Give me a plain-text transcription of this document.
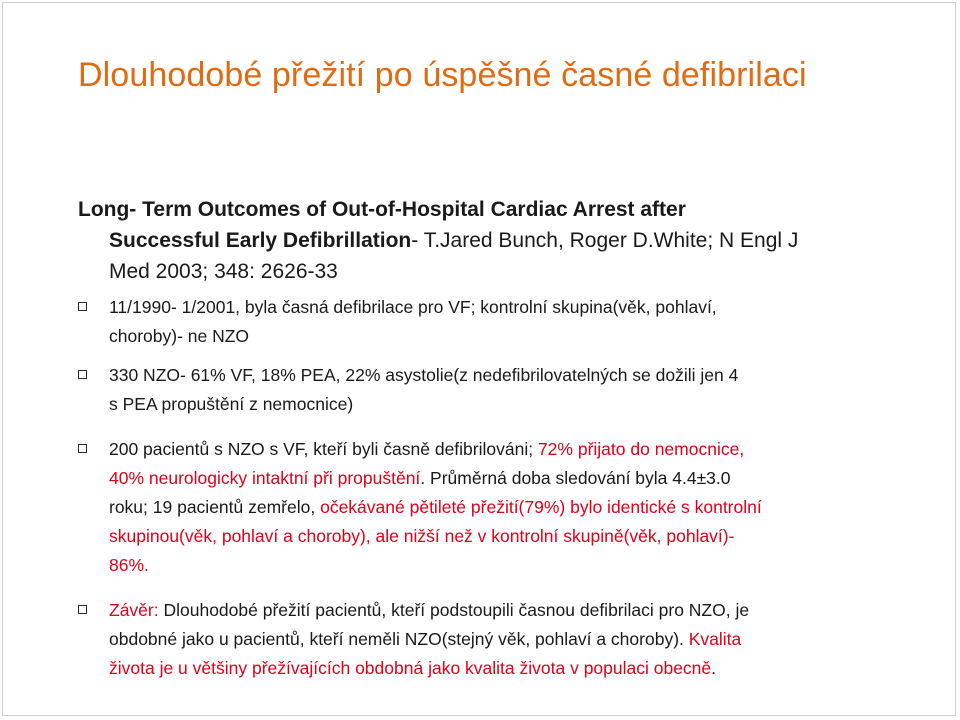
Dlouhodobé přežití po úspěšné časné defibrilaci
Long- Term Outcomes of Out-of-Hospital Cardiac Arrest after
Successful Early Defibrillation- T.Jared Bunch, Roger D.White; N Engl J
Med 2003; 348: 2626-33
11/1990- 1/2001, byla časná defibrilace pro VF; kontrolní skupina(věk, pohlaví,
choroby)- ne NZO
330 NZO- 61% VF, 18% PEA, 22% asystolie(z nedefibrilovatelných se dožili jen 4
s PEA propuštění z nemocnice)
200 pacientů s NZO s VF, kteří byli časně defibrilováni; 72% přijato do nemocnice,
40% neurologicky intaktní při propuštění. Průměrná doba sledování byla 4.4±3.0
roku; 19 pacientů zemřelo, očekávané pětileté přežití(79%) bylo identické s kontrolní
skupinou(věk, pohlaví a choroby), ale nižší než v kontrolní skupině(věk, pohlaví)-
86%.
Závěr: Dlouhodobé přežití pacientů, kteří podstoupili časnou defibrilaci pro NZO, je
obdobné jako u pacientů, kteří neměli NZO(stejný věk, pohlaví a choroby). Kvalita
života je u většiny přežívajících obdobná jako kvalita života v populaci obecně.
